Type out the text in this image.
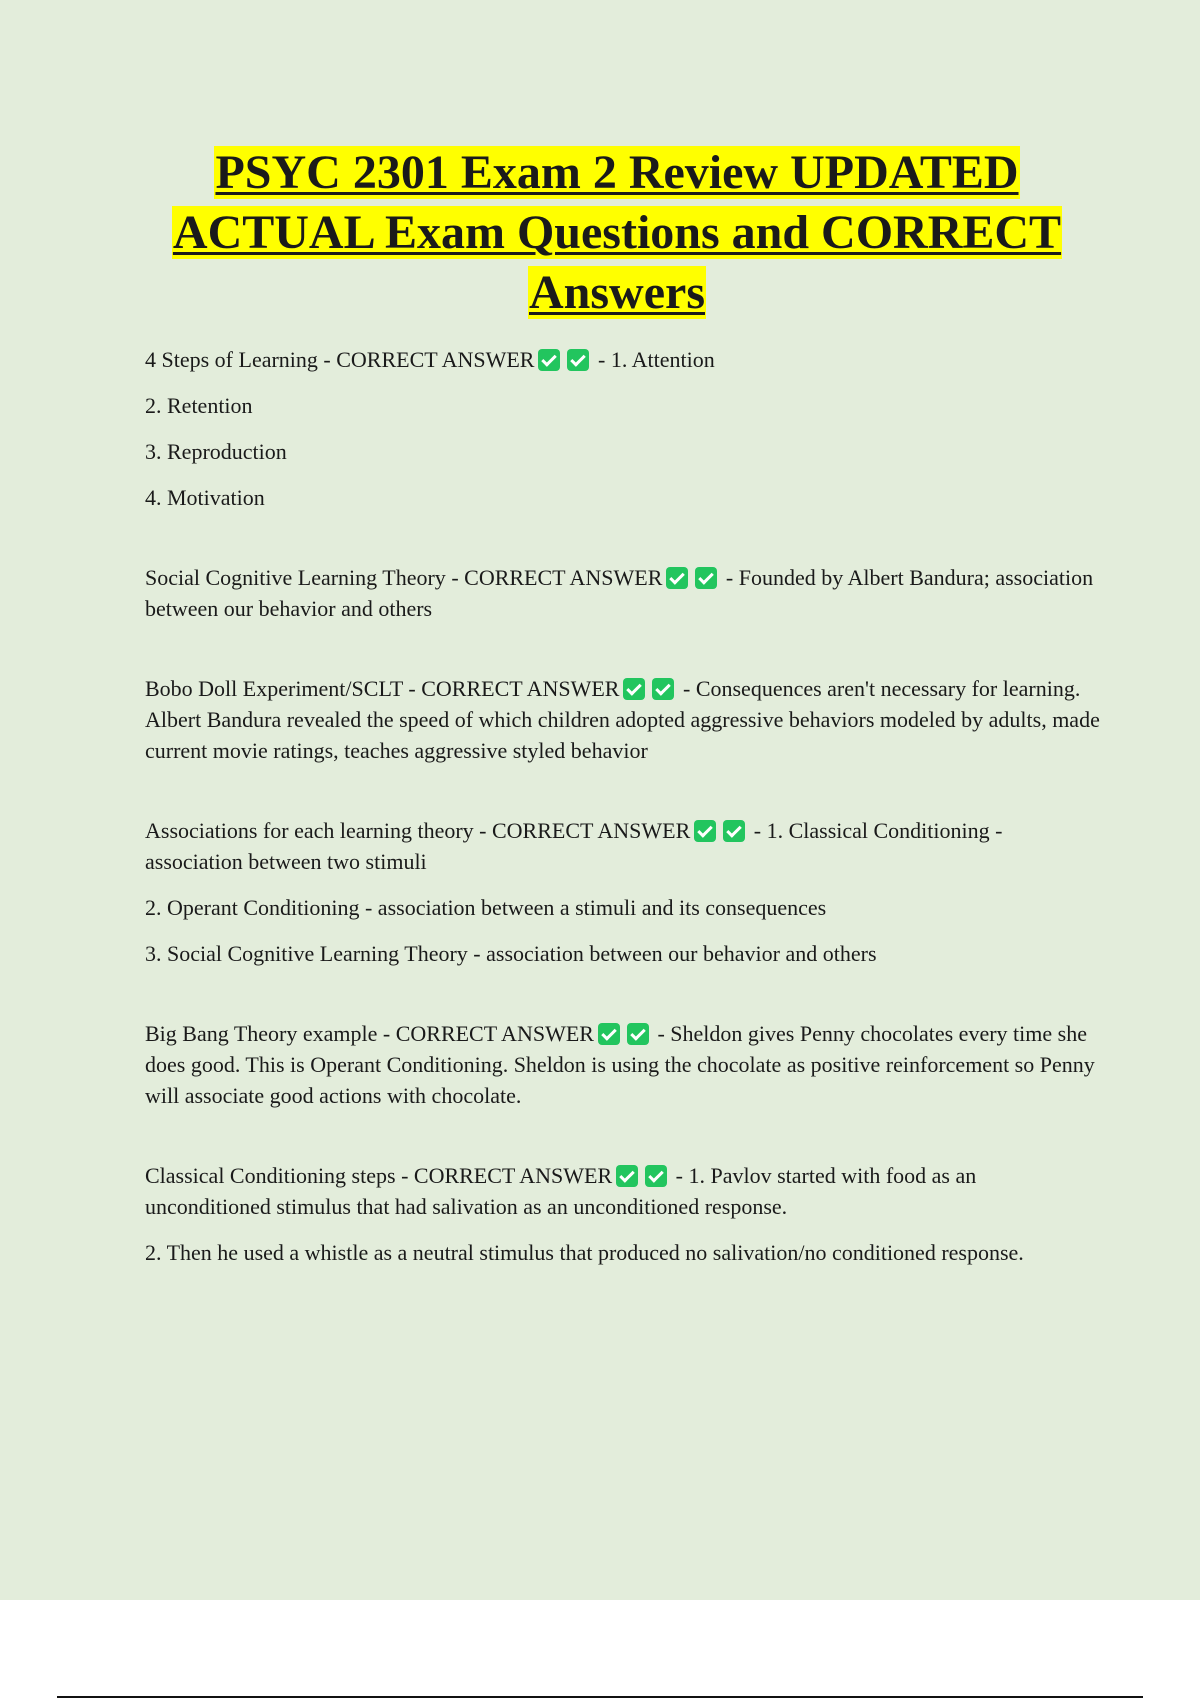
PSYC 2301 Exam 2 Review UPDATED ACTUAL Exam Questions and CORRECT Answers

4 Steps of Learning - CORRECT ANSWER	- 1. Attention

2. Retention

3. Reproduction

4. Motivation

Social Cognitive Learning Theory - CORRECT ANSWER	- Founded by Albert Bandura; association between our behavior and others

Bobo Doll Experiment/SCLT - CORRECT ANSWER	- Consequences aren't necessary for learning. Albert Bandura revealed the speed of which children adopted aggressive behaviors modeled by adults, made current movie ratings, teaches aggressive styled behavior

Associations for each learning theory - CORRECT ANSWER	- 1. Classical Conditioning - association between two stimuli

2. Operant Conditioning - association between a stimuli and its consequences

3. Social Cognitive Learning Theory - association between our behavior and others

Big Bang Theory example - CORRECT ANSWER	- Sheldon gives Penny chocolates every time she does good. This is Operant Conditioning. Sheldon is using the chocolate as positive reinforcement so Penny will associate good actions with chocolate.

Classical Conditioning steps - CORRECT ANSWER	- 1. Pavlov started with food as an unconditioned stimulus that had salivation as an unconditioned response.

2. Then he used a whistle as a neutral stimulus that produced no salivation/no conditioned response.
